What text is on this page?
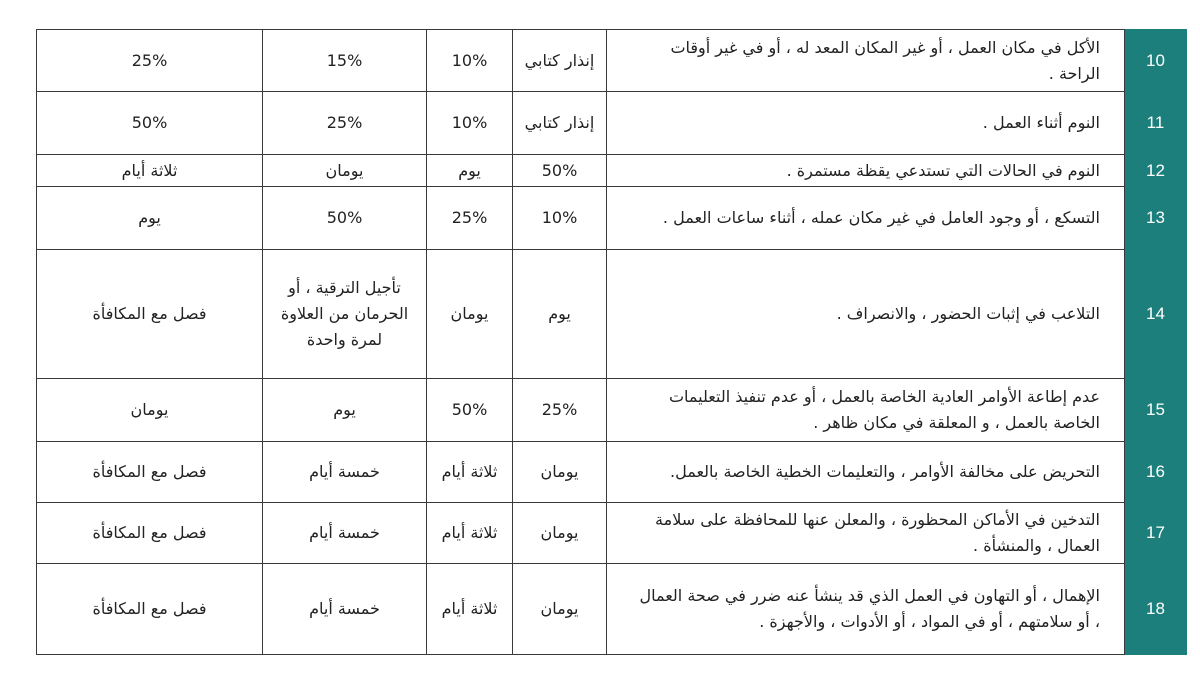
25%	15%	10%	إنذار كتابي	الأكل في مكان العمل ، أو غير المكان المعد له ، أو في غير أوقات الراحة .	10
50%	25%	10%	إنذار كتابي	النوم أثناء العمل .	11
ثلاثة أيام	يومان	يوم	50%	النوم في الحالات التي تستدعي يقظة مستمرة .	12
يوم	50%	25%	10%	التسكع ، أو وجود العامل في غير مكان عمله ، أثناء ساعات العمل .	13
فصل مع المكافأة	تأجيل الترقية ، أو الحرمان من العلاوة لمرة واحدة	يومان	يوم	التلاعب في إثبات الحضور ، والانصراف .	14
يومان	يوم	50%	25%	عدم إطاعة الأوامر العادية الخاصة بالعمل ، أو عدم تنفيذ التعليمات الخاصة بالعمل ، و المعلقة في مكان ظاهر .	15
فصل مع المكافأة	خمسة أيام	ثلاثة أيام	يومان	التحريض على مخالفة الأوامر ، والتعليمات الخطية الخاصة بالعمل.	16
فصل مع المكافأة	خمسة أيام	ثلاثة أيام	يومان	التدخين في الأماكن المحظورة ، والمعلن عنها للمحافظة على سلامة العمال ، والمنشأة .	17
فصل مع المكافأة	خمسة أيام	ثلاثة أيام	يومان	الإهمال ، أو التهاون في العمل الذي قد ينشأ عنه ضرر في صحة العمال ، أو سلامتهم ، أو في المواد ، أو الأدوات ، والأجهزة .	18
